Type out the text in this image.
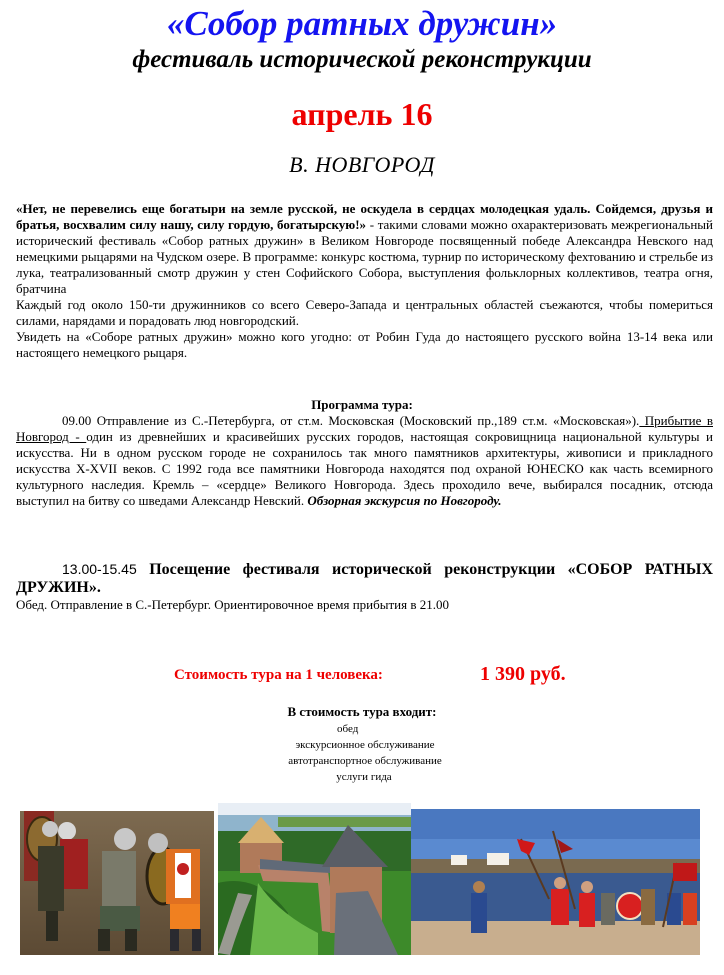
«Собор ратных дружин»
фестиваль исторической реконструкции
апрель 16
В. НОВГОРОД
«Нет, не перевелись еще богатыри на земле русской, не оскудела в сердцах молодецкая удаль. Сойдемся, друзья и братья, восхвалим силу нашу, силу гордую, богатырскую!» - такими словами можно охарактеризовать межрегиональный исторический фестиваль «Собор ратных дружин» в Великом Новгороде посвященный победе Александра Невского над немецкими рыцарями на Чудском озере. В программе: конкурс костюма, турнир по историческому фехтованию и стрельбе из лука, театрализованный смотр дружин у стен Софийского Собора, выступления фольклорных коллективов, театра огня, братчина
Каждый год около 150-ти дружинников со всего Северо-Запада и центральных областей съежаются, чтобы помериться силами, нарядами и порадовать люд новгородский.
Увидеть на «Соборе ратных дружин» можно кого угодно: от Робин Гуда до настоящего русского война 13-14 века или настоящего немецкого рыцаря.
Программа тура:
09.00 Отправление из С.-Петербурга, от ст.м. Московская (Московский пр.,189 ст.м. «Московская»). Прибытие в Новгород - один из древнейших и красивейших русских городов, настоящая сокровищница национальной культуры и искусства. Ни в одном русском городе не сохранилось так много памятников архитектуры, живописи и прикладного искусства X-XVII веков. С 1992 года все памятники Новгорода находятся под охраной ЮНЕСКО как часть всемирного культурного наследия. Кремль – «сердце» Великого Новгорода. Здесь проходило вече, выбирался посадник, отсюда выступил на битву со шведами Александр Невский. Обзорная экскурсия по Новгороду.
13.00-15.45 Посещение фестиваля исторической реконструкции «СОБОР РАТНЫХ ДРУЖИН».
Обед. Отправление в С.-Петербург. Ориентировочное время прибытия в 21.00
Стоимость тура на 1 человека:	1 390 руб.
В стоимость тура входит:
обед
экскурсионное обслуживание
автотранспортное обслуживание
услуги гида
